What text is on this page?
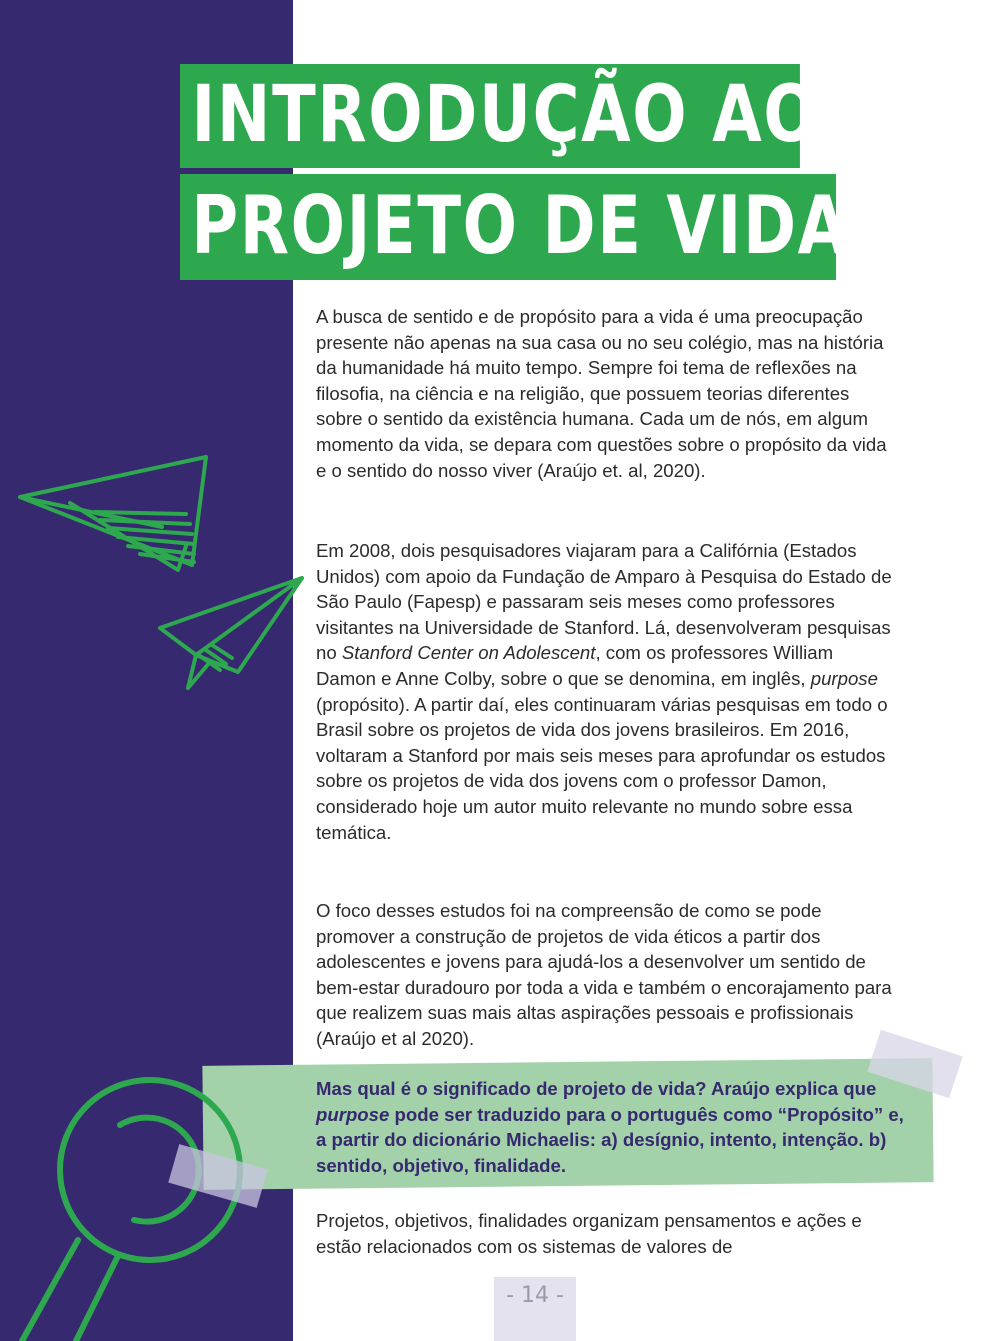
INTRODUÇÃO AO
PROJETO DE VIDA

A busca de sentido e de propósito para a vida é uma preocupação presente não apenas na sua casa ou no seu colégio, mas na história da humanidade há muito tempo. Sempre foi tema de reflexões na filosofia, na ciência e na religião, que possuem teorias diferentes sobre o sentido da existência humana. Cada um de nós, em algum momento da vida, se depara com questões sobre o propósito da vida e o sentido do nosso viver (Araújo et. al, 2020).

Em 2008, dois pesquisadores viajaram para a Califórnia (Estados Unidos) com apoio da Fundação de Amparo à Pesquisa do Estado de São Paulo (Fapesp) e passaram seis meses como professores visitantes na Universidade de Stanford. Lá, desenvolveram pesquisas no Stanford Center on Adolescent, com os professores William Damon e Anne Colby, sobre o que se denomina, em inglês, purpose (propósito). A partir daí, eles continuaram várias pesquisas em todo o Brasil sobre os projetos de vida dos jovens brasileiros. Em 2016, voltaram a Stanford por mais seis meses para aprofundar os estudos sobre os projetos de vida dos jovens com o professor Damon, considerado hoje um autor muito relevante no mundo sobre essa temática.

O foco desses estudos foi na compreensão de como se pode promover a construção de projetos de vida éticos a partir dos adolescentes e jovens para ajudá-los a desenvolver um sentido de bem-estar duradouro por toda a vida e também o encorajamento para que realizem suas mais altas aspirações pessoais e profissionais (Araújo et al 2020).

Mas qual é o significado de projeto de vida? Araújo explica que purpose pode ser traduzido para o português como “Propósito” e, a partir do dicionário Michaelis: a) desígnio, intento, intenção. b) sentido, objetivo, finalidade.

Projetos, objetivos, finalidades organizam pensamentos e ações e estão relacionados com os sistemas de valores de

- 14 -
